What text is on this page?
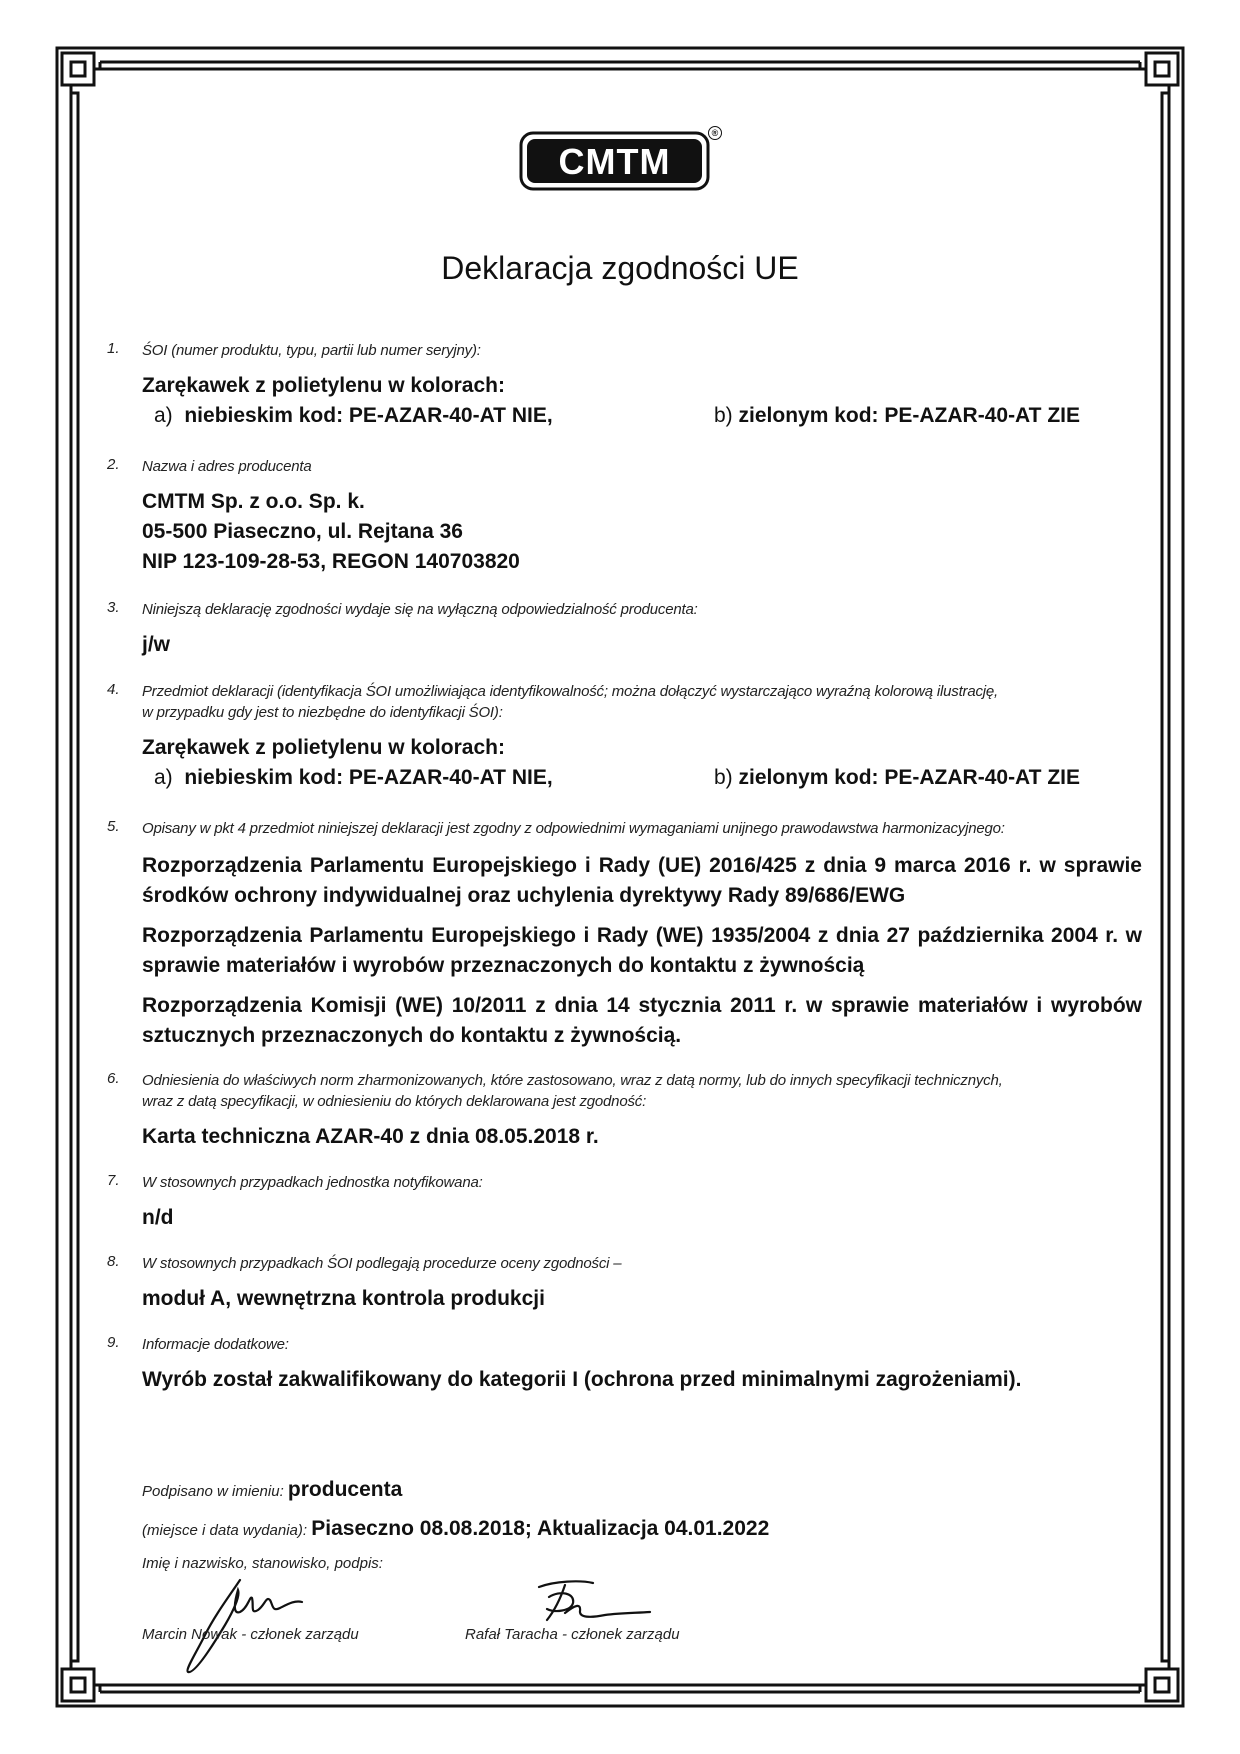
CMTM
®
Deklaracja zgodności UE
1.	ŚOI (numer produktu, typu, partii lub numer seryjny):
Zarękawek z polietylenu w kolorach:
a) niebieskim kod: PE-AZAR-40-AT NIE,	b) zielonym kod: PE-AZAR-40-AT ZIE
2.	Nazwa i adres producenta
CMTM Sp. z o.o. Sp. k.
05-500 Piaseczno, ul. Rejtana 36
NIP 123-109-28-53, REGON 140703820
3.	Niniejszą deklarację zgodności wydaje się na wyłączną odpowiedzialność producenta:
j/w
4.	Przedmiot deklaracji (identyfikacja ŚOI umożliwiająca identyfikowalność; można dołączyć wystarczająco wyraźną kolorową ilustrację,
w przypadku gdy jest to niezbędne do identyfikacji ŚOI):
Zarękawek z polietylenu w kolorach:
a) niebieskim kod: PE-AZAR-40-AT NIE,	b) zielonym kod: PE-AZAR-40-AT ZIE
5.	Opisany w pkt 4 przedmiot niniejszej deklaracji jest zgodny z odpowiednimi wymaganiami unijnego prawodawstwa harmonizacyjnego:
Rozporządzenia Parlamentu Europejskiego i Rady (UE) 2016/425 z dnia 9 marca 2016 r. w sprawie środków ochrony indywidualnej oraz uchylenia dyrektywy Rady 89/686/EWG
Rozporządzenia Parlamentu Europejskiego i Rady (WE) 1935/2004 z dnia 27 października 2004 r. w sprawie materiałów i wyrobów przeznaczonych do kontaktu z żywnością
Rozporządzenia Komisji (WE) 10/2011 z dnia 14 stycznia 2011 r. w sprawie materiałów i wyrobów sztucznych przeznaczonych do kontaktu z żywnością.
6.	Odniesienia do właściwych norm zharmonizowanych, które zastosowano, wraz z datą normy, lub do innych specyfikacji technicznych,
wraz z datą specyfikacji, w odniesieniu do których deklarowana jest zgodność:
Karta techniczna AZAR-40 z dnia 08.05.2018 r.
7.	W stosownych przypadkach jednostka notyfikowana:
n/d
8.	W stosownych przypadkach ŚOI podlegają procedurze oceny zgodności –
moduł A, wewnętrzna kontrola produkcji
9.	Informacje dodatkowe:
Wyrób został zakwalifikowany do kategorii I (ochrona przed minimalnymi zagrożeniami).
Podpisano w imieniu: producenta
(miejsce i data wydania): Piaseczno 08.08.2018; Aktualizacja 04.01.2022
Imię i nazwisko, stanowisko, podpis:
Marcin Nowak - członek zarządu	Rafał Taracha - członek zarządu
